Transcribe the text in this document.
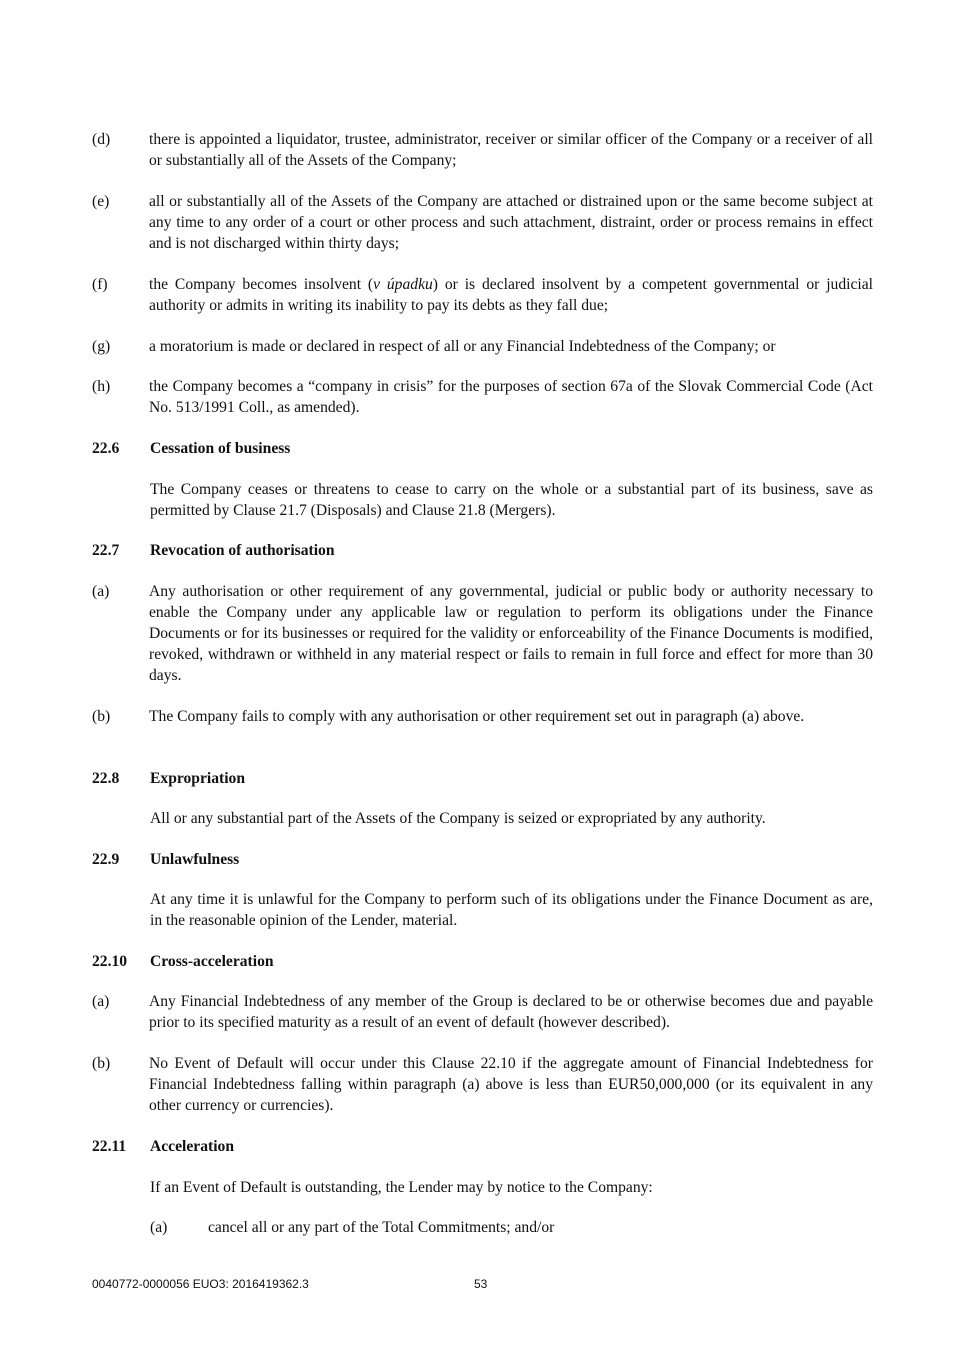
(d) there is appointed a liquidator, trustee, administrator, receiver or similar officer of the Company or a receiver of all or substantially all of the Assets of the Company;
(e)	all or substantially all of the Assets of the Company are attached or distrained upon or the same become subject at any time to any order of a court or other process and such attachment, distraint, order or process remains in effect and is not discharged within thirty days;
(f)	the Company becomes insolvent (v úpadku) or is declared insolvent by a competent governmental or judicial authority or admits in writing its inability to pay its debts as they fall due;
(g) a moratorium is made or declared in respect of all or any Financial Indebtedness of the Company; or
(h) the Company becomes a “company in crisis” for the purposes of section 67a of the Slovak Commercial Code (Act No. 513/1991 Coll., as amended).
22.6 Cessation of business
The Company ceases or threatens to cease to carry on the whole or a substantial part of its business, save as permitted by Clause 21.7 (Disposals) and Clause 21.8 (Mergers).
22.7 Revocation of authorisation
(a)	Any authorisation or other requirement of any governmental, judicial or public body or authority necessary to enable the Company under any applicable law or regulation to perform its obligations under the Finance Documents or for its businesses or required for the validity or enforceability of the Finance Documents is modified, revoked, withdrawn or withheld in any material respect or fails to remain in full force and effect for more than 30 days.
(b) The Company fails to comply with any authorisation or other requirement set out in paragraph (a) above.
22.8 Expropriation
All or any substantial part of the Assets of the Company is seized or expropriated by any authority.
22.9 Unlawfulness
At any time it is unlawful for the Company to perform such of its obligations under the Finance Document as are, in the reasonable opinion of the Lender, material.
22.10 Cross-acceleration
(a)	Any Financial Indebtedness of any member of the Group is declared to be or otherwise becomes due and payable prior to its specified maturity as a result of an event of default (however described).
(b) No Event of Default will occur under this Clause 22.10 if the aggregate amount of Financial Indebtedness for Financial Indebtedness falling within paragraph (a) above is less than EUR50,000,000 (or its equivalent in any other currency or currencies).
22.11 Acceleration
If an Event of Default is outstanding, the Lender may by notice to the Company:
(a)	cancel all or any part of the Total Commitments; and/or
0040772-0000056 EUO3: 2016419362.3	53
